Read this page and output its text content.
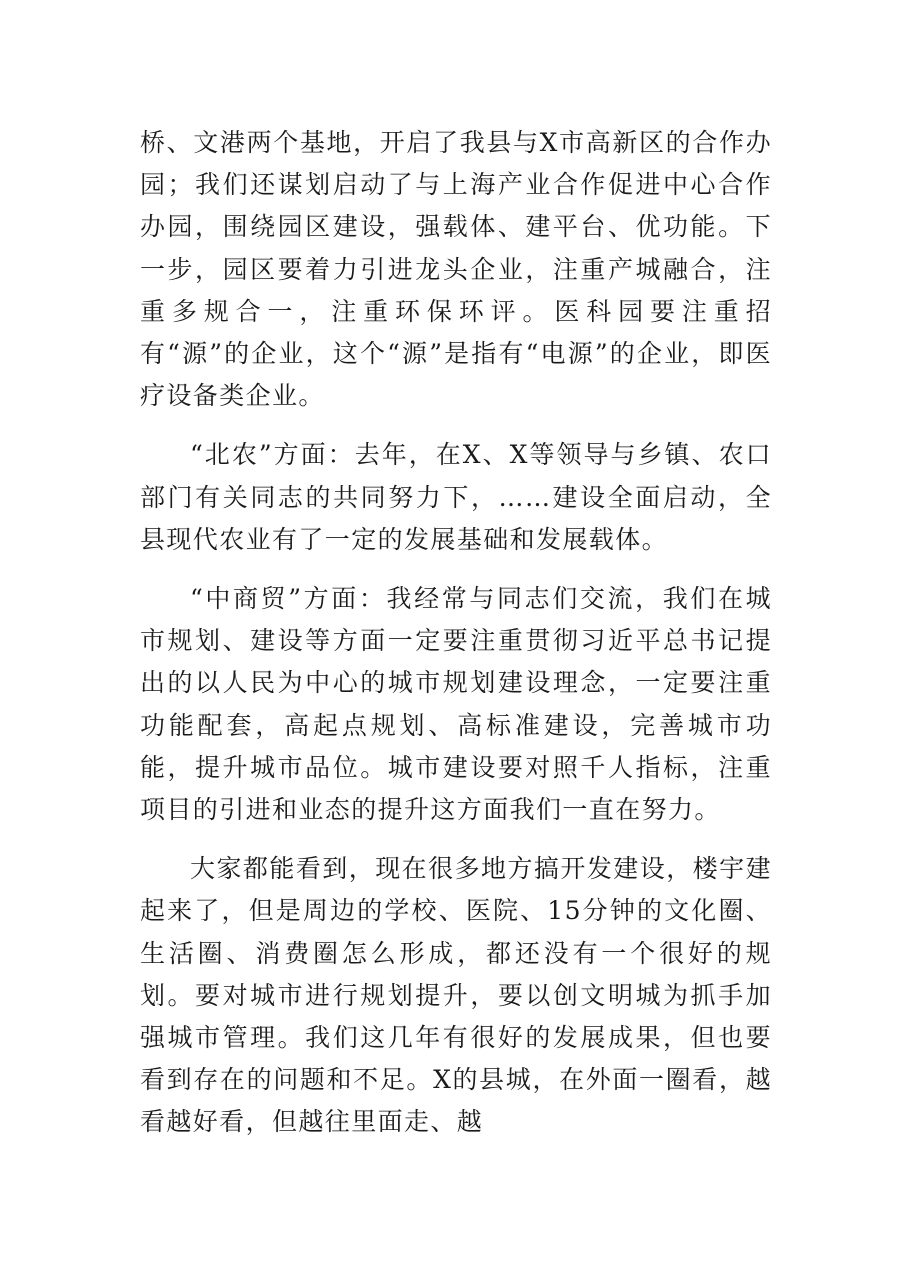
桥、文港两个基地，开启了我县与X市高新区的合作办园；我们还谋划启动了与上海产业合作促进中心合作办园，围绕园区建设，强载体、建平台、优功能。下一步，园区要着力引进龙头企业，注重产城融合，注重多规合一，注重环保环评。医科园要注重招有“源”的企业，这个“源”是指有“电源”的企业，即医疗设备类企业。

“北农”方面：去年，在X、X等领导与乡镇、农口部门有关同志的共同努力下，……建设全面启动，全县现代农业有了一定的发展基础和发展载体。

“中商贸”方面：我经常与同志们交流，我们在城市规划、建设等方面一定要注重贯彻习近平总书记提出的以人民为中心的城市规划建设理念，一定要注重功能配套，高起点规划、高标准建设，完善城市功能，提升城市品位。城市建设要对照千人指标，注重项目的引进和业态的提升这方面我们一直在努力。

大家都能看到，现在很多地方搞开发建设，楼宇建起来了，但是周边的学校、医院、15分钟的文化圈、生活圈、消费圈怎么形成，都还没有一个很好的规划。要对城市进行规划提升，要以创文明城为抓手加强城市管理。我们这几年有很好的发展成果，但也要看到存在的问题和不足。X的县城，在外面一圈看，越看越好看，但越往里面走、越
